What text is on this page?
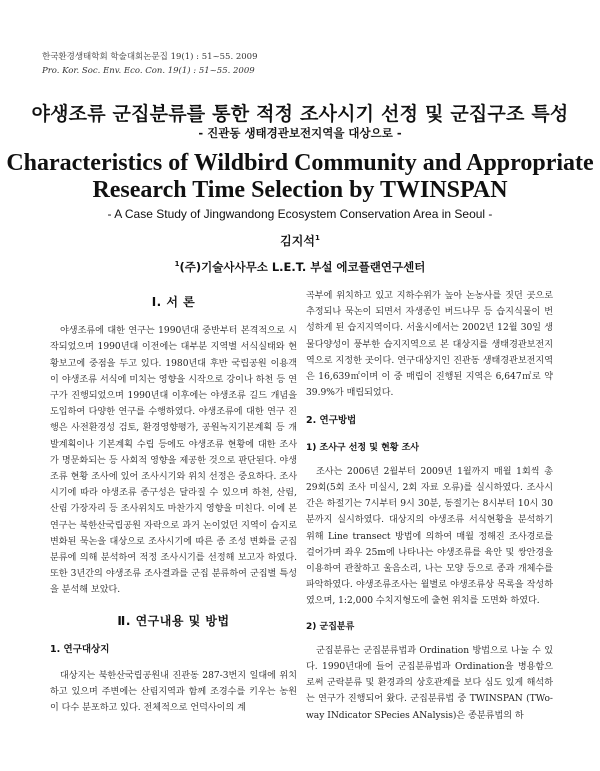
한국환경생태학회 학술대회논문집 19(1) : 51~55. 2009
Pro. Kor. Soc. Env. Eco. Con. 19(1) : 51~55. 2009
야생조류 군집분류를 통한 적정 조사시기 선정 및 군집구조 특성
- 진관동 생태경관보전지역을 대상으로 -
Characteristics of Wildbird Community and Appropriate
Research Time Selection by TWINSPAN
- A Case Study of Jingwandong Ecosystem Conservation Area in Seoul -
김지석$^1$
$^1$(주)기술사사무소 L.E.T. 부설 에코플랜연구센터
Ⅰ. 서 론

야생조류에 대한 연구는 1990년대 중반부터 본격적으로 시작되었으며 1990년대 이전에는 대부분 지역별 서식실태와 현황보고에 중점을 두고 있다. 1980년대 후반 국립공원 이용객이 야생조류 서식에 미치는 영향을 시작으로 강이나 하천 등 연구가 진행되었으며 1990년대 이후에는 야생조류 길드 개념을 도입하여 다양한 연구를 수행하였다. 야생조류에 대한 연구 진행은 사전환경성 검토, 환경영향평가, 공원녹지기본계획 등 개발계획이나 기본계획 수립 등에도 야생조류 현황에 대한 조사가 명문화되는 등 사회적 영향을 제공한 것으로 판단된다. 야생조류 현황 조사에 있어 조사시기와 위치 선정은 중요하다. 조사시기에 따라 야생조류 종구성은 달라질 수 있으며 하천, 산림, 산림 가장자리 등 조사위치도 마찬가지 영향을 미친다. 이에 본 연구는 북한산국립공원 자락으로 과거 논이었던 지역이 습지로 변화된 묵논을 대상으로 조사시기에 따른 종 조성 변화를 군집 분류에 의해 분석하여 적정 조사시기를 선정해 보고자 하였다. 또한 3년간의 야생조류 조사결과를 군집 분류하여 군집별 특성을 분석해 보았다.

Ⅱ. 연구내용 및 방법
1. 연구대상지

대상지는 북한산국립공원내 진관동 287-3번지 일대에 위치하고 있으며 주변에는 산림지역과 함께 조경수를 키우는 농원이 다수 분포하고 있다. 전체적으로 언덕사이의 계

곡부에 위치하고 있고 지하수위가 높아 논농사를 짓던 곳으로 추정되나 묵논이 되면서 자생종인 버드나무 등 습지식물이 번성하게 된 습지지역이다. 서울시에서는 2002년 12월 30일 생물다양성이 풍부한 습지지역으로 본 대상지를 생태경관보전지역으로 지정한 곳이다. 연구대상지인 진관동 생태경관보전지역은 16,639㎡이며 이 중 매립이 진행된 지역은 6,647㎡로 약 39.9%가 매립되었다.

2. 연구방법
1) 조사구 선정 및 현황 조사

조사는 2006년 2월부터 2009년 1월까지 매월 1회씩 총 29회(5회 조사 미실시, 2회 자료 오류)를 실시하였다. 조사시간은 하절기는 7시부터 9시 30분, 동절기는 8시부터 10시 30분까지 실시하였다. 대상지의 야생조류 서식현황을 분석하기 위해 Line transect 방법에 의하여 매월 정해진 조사경로를 걸어가며 좌우 25m에 나타나는 야생조류를 육안 및 쌍안경을 이용하여 관찰하고 울음소리, 나는 모양 등으로 종과 개체수를 파악하였다. 야생조류조사는 월별로 야생조류상 목록을 작성하였으며, 1:2,000 수치지형도에 출현 위치를 도면화 하였다.

2) 군집분류

군집분류는 군집분류법과 Ordination 방법으로 나눌 수 있다. 1990년대에 들어 군집분류법과 Ordination을 병용함으로써 군락분류 및 환경과의 상호관계를 보다 심도 있게 해석하는 연구가 진행되어 왔다. 군집분류법 중 TWINSPAN (TWo-way INdicator SPecies ANalysis)은 종분류법의 하
